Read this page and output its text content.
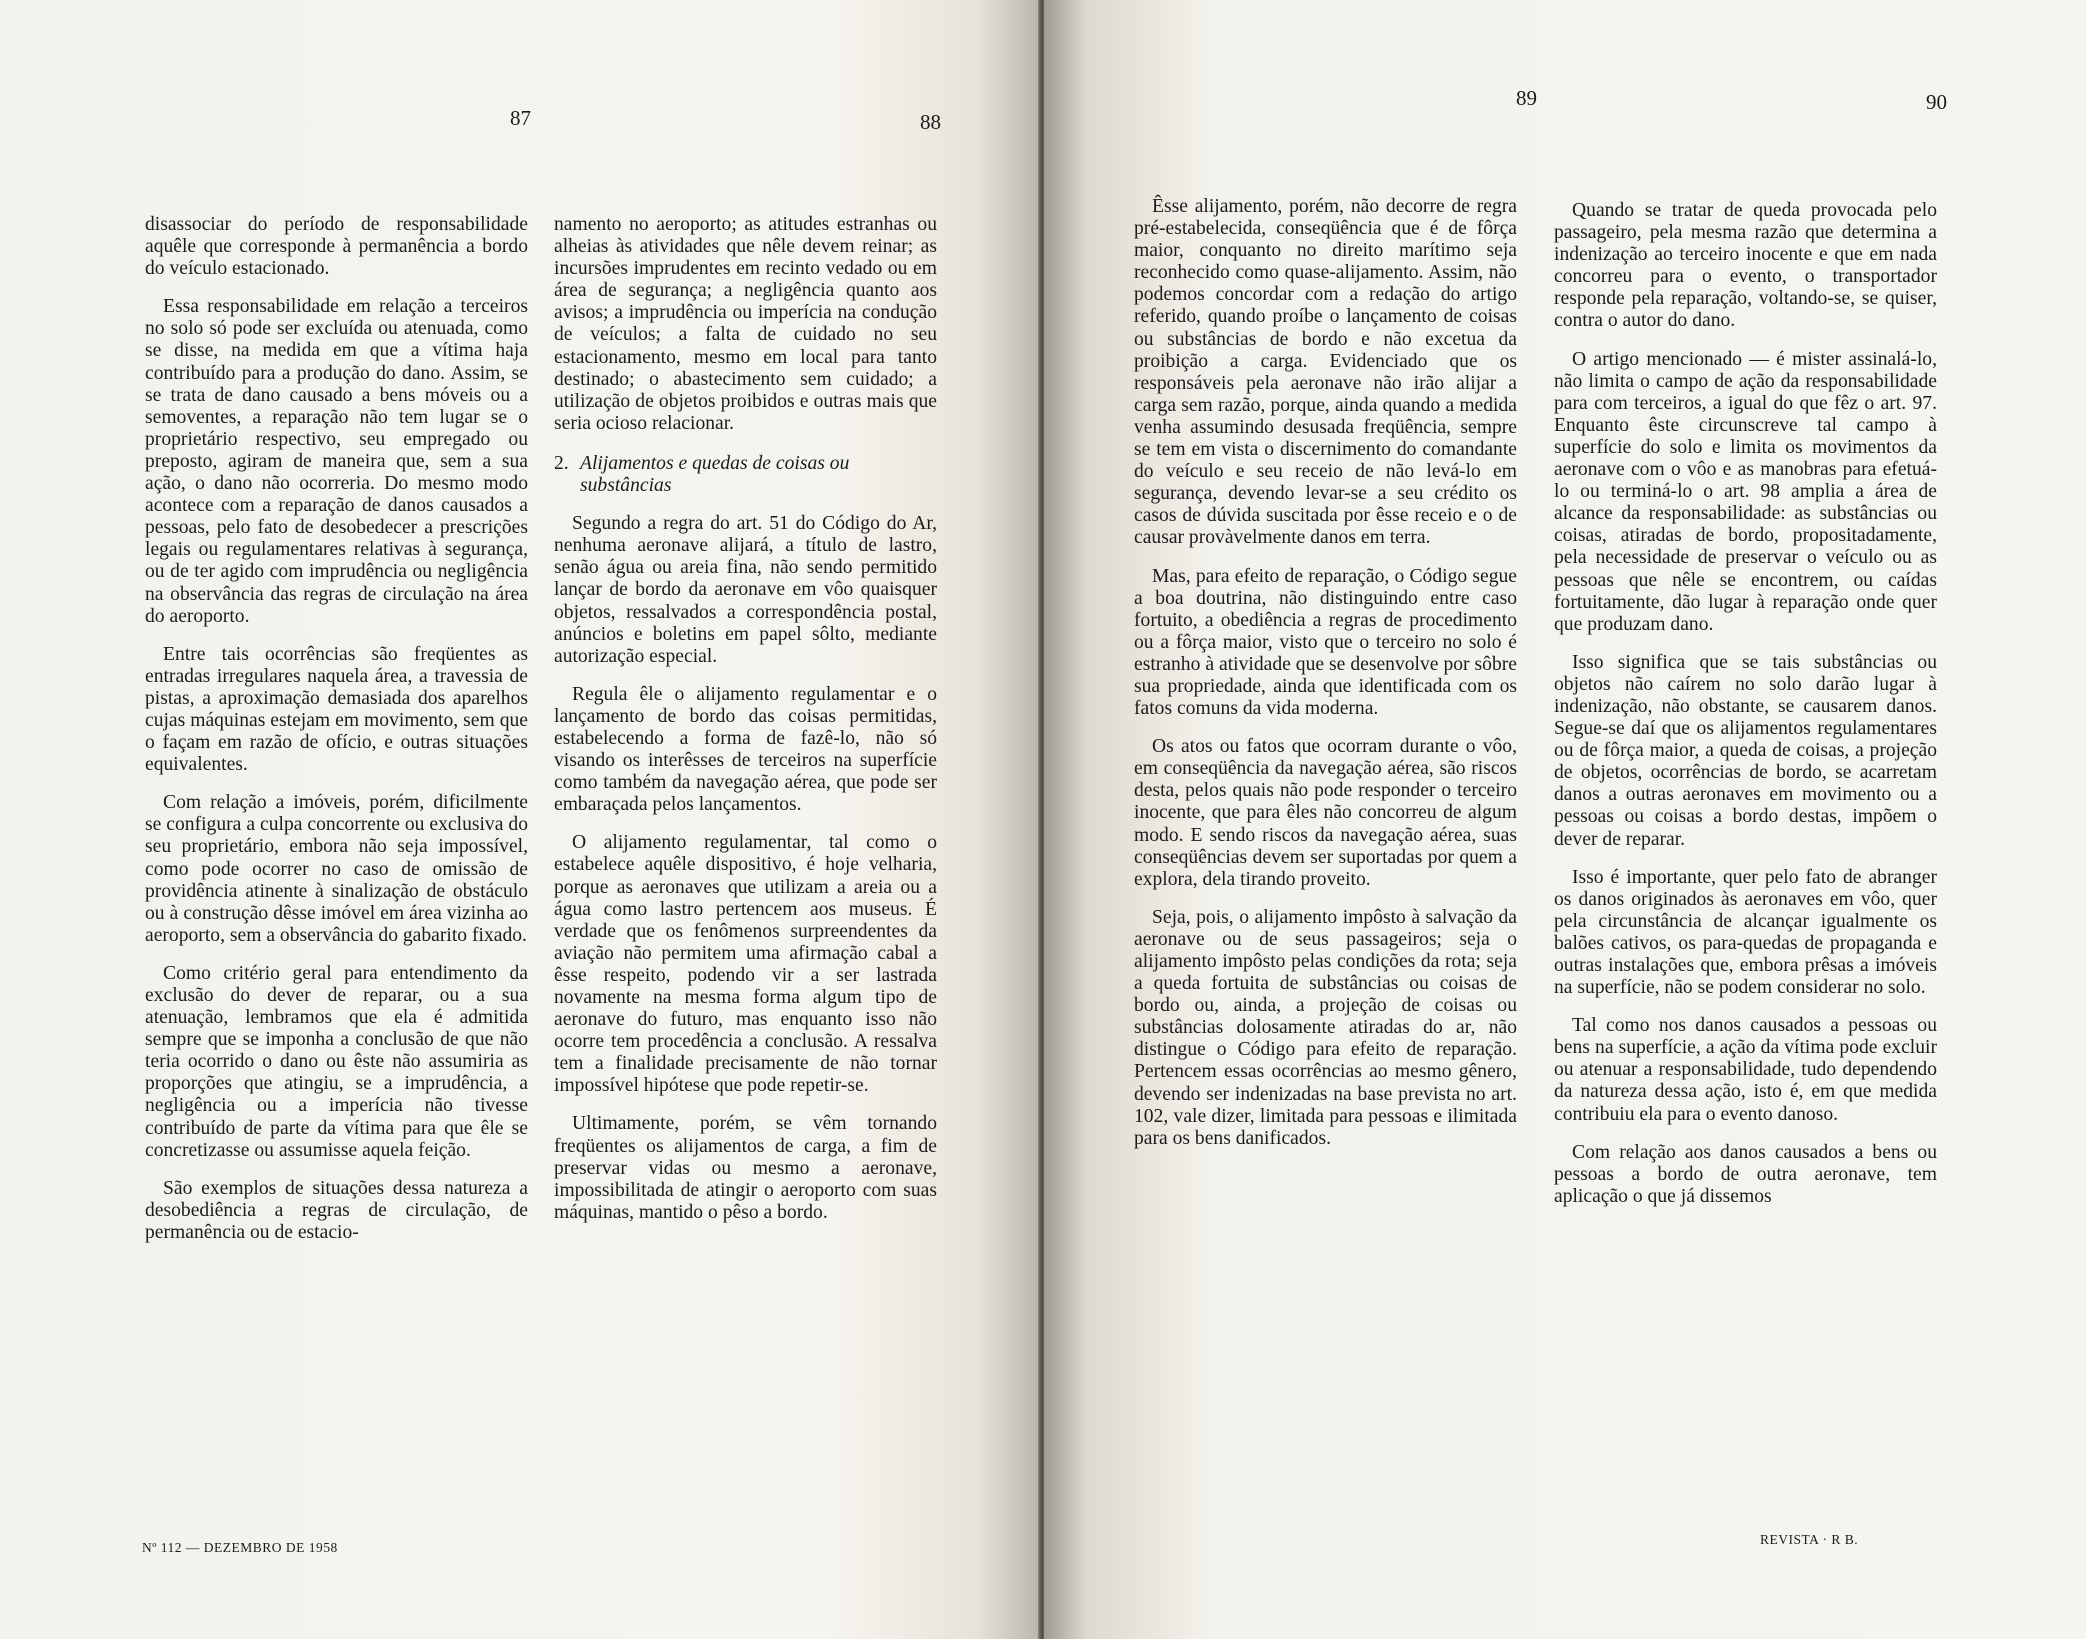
87	88

disassociar do período de responsabilidade aquêle que corresponde à permanência a bordo do veículo estacionado.

Essa responsabilidade em relação a terceiros no solo só pode ser excluída ou atenuada, como se disse, na medida em que a vítima haja contribuído para a produção do dano. Assim, se se trata de dano causado a bens móveis ou a semoventes, a reparação não tem lugar se o proprietário respectivo, seu empregado ou preposto, agiram de maneira que, sem a sua ação, o dano não ocorreria. Do mesmo modo acontece com a reparação de danos causados a pessoas, pelo fato de desobedecer a prescrições legais ou regulamentares relativas à segurança, ou de ter agido com imprudência ou negligência na observância das regras de circulação na área do aeroporto.

Entre tais ocorrências são freqüentes as entradas irregulares naquela área, a travessia de pistas, a aproximação demasiada dos aparelhos cujas máquinas estejam em movimento, sem que o façam em razão de ofício, e outras situações equivalentes.

Com relação a imóveis, porém, dificilmente se configura a culpa concorrente ou exclusiva do seu proprietário, embora não seja impossível, como pode ocorrer no caso de omissão de providência atinente à sinalização de obstáculo ou à construção dêsse imóvel em área vizinha ao aeroporto, sem a observância do gabarito fixado.

Como critério geral para entendimento da exclusão do dever de reparar, ou a sua atenuação, lembramos que ela é admitida sempre que se imponha a conclusão de que não teria ocorrido o dano ou êste não assumiria as proporções que atingiu, se a imprudência, a negligência ou a imperícia não tivesse contribuído de parte da vítima para que êle se concretizasse ou assumisse aquela feição.

São exemplos de situações dessa natureza a desobediência a regras de circulação, de permanência ou de estacio-

namento no aeroporto; as atitudes estranhas ou alheias às atividades que nêle devem reinar; as incursões imprudentes em recinto vedado ou em área de segurança; a negligência quanto aos avisos; a imprudência ou imperícia na condução de veículos; a falta de cuidado no seu estacionamento, mesmo em local para tanto destinado; o abastecimento sem cuidado; a utilização de objetos proibidos e outras mais que seria ocioso relacionar.

2. Alijamentos e quedas de coisas ou substâncias

Segundo a regra do art. 51 do Código do Ar, nenhuma aeronave alijará, a título de lastro, senão água ou areia fina, não sendo permitido lançar de bordo da aeronave em vôo quaisquer objetos, ressalvados a correspondência postal, anúncios e boletins em papel sôlto, mediante autorização especial.

Regula êle o alijamento regulamentar e o lançamento de bordo das coisas permitidas, estabelecendo a forma de fazê-lo, não só visando os interêsses de terceiros na superfície como também da navegação aérea, que pode ser embaraçada pelos lançamentos.

O alijamento regulamentar, tal como o estabelece aquêle dispositivo, é hoje velharia, porque as aeronaves que utilizam a areia ou a água como lastro pertencem aos museus. É verdade que os fenômenos surpreendentes da aviação não permitem uma afirmação cabal a êsse respeito, podendo vir a ser lastrada novamente na mesma forma algum tipo de aeronave do futuro, mas enquanto isso não ocorre tem procedência a conclusão. A ressalva tem a finalidade precisamente de não tornar impossível hipótese que pode repetir-se.

Ultimamente, porém, se vêm tornando freqüentes os alijamentos de carga, a fim de preservar vidas ou mesmo a aeronave, impossibilitada de atingir o aeroporto com suas máquinas, mantido o pêso a bordo.

Nº 112 — DEZEMBRO DE 1958
89	90

Êsse alijamento, porém, não decorre de regra pré-estabelecida, conseqüência que é de fôrça maior, conquanto no direito marítimo seja reconhecido como quase-alijamento. Assim, não podemos concordar com a redação do artigo referido, quando proíbe o lançamento de coisas ou substâncias de bordo e não excetua da proibição a carga. Evidenciado que os responsáveis pela aeronave não irão alijar a carga sem razão, porque, ainda quando a medida venha assumindo desusada freqüência, sempre se tem em vista o discernimento do comandante do veículo e seu receio de não levá-lo em segurança, devendo levar-se a seu crédito os casos de dúvida suscitada por êsse receio e o de causar provàvelmente danos em terra.

Mas, para efeito de reparação, o Código segue a boa doutrina, não distinguindo entre caso fortuito, a obediência a regras de procedimento ou a fôrça maior, visto que o terceiro no solo é estranho à atividade que se desenvolve por sôbre sua propriedade, ainda que identificada com os fatos comuns da vida moderna.

Os atos ou fatos que ocorram durante o vôo, em conseqüência da navegação aérea, são riscos desta, pelos quais não pode responder o terceiro inocente, que para êles não concorreu de algum modo. E sendo riscos da navegação aérea, suas conseqüências devem ser suportadas por quem a explora, dela tirando proveito.

Seja, pois, o alijamento impôsto à salvação da aeronave ou de seus passageiros; seja o alijamento impôsto pelas condições da rota; seja a queda fortuita de substâncias ou coisas de bordo ou, ainda, a projeção de coisas ou substâncias dolosamente atiradas do ar, não distingue o Código para efeito de reparação. Pertencem essas ocorrências ao mesmo gênero, devendo ser indenizadas na base prevista no art. 102, vale dizer, limitada para pessoas e ilimitada para os bens danificados.

Quando se tratar de queda provocada pelo passageiro, pela mesma razão que determina a indenização ao terceiro inocente e que em nada concorreu para o evento, o transportador responde pela reparação, voltando-se, se quiser, contra o autor do dano.

O artigo mencionado — é mister assinalá-lo, não limita o campo de ação da responsabilidade para com terceiros, a igual do que fêz o art. 97. Enquanto êste circunscreve tal campo à superfície do solo e limita os movimentos da aeronave com o vôo e as manobras para efetuá-lo ou terminá-lo o art. 98 amplia a área de alcance da responsabilidade: as substâncias ou coisas, atiradas de bordo, propositadamente, pela necessidade de preservar o veículo ou as pessoas que nêle se encontrem, ou caídas fortuitamente, dão lugar à reparação onde quer que produzam dano.

Isso significa que se tais substâncias ou objetos não caírem no solo darão lugar à indenização, não obstante, se causarem danos. Segue-se daí que os alijamentos regulamentares ou de fôrça maior, a queda de coisas, a projeção de objetos, ocorrências de bordo, se acarretam danos a outras aeronaves em movimento ou a pessoas ou coisas a bordo destas, impõem o dever de reparar.

Isso é importante, quer pelo fato de abranger os danos originados às aeronaves em vôo, quer pela circunstância de alcançar igualmente os balões cativos, os para-quedas de propaganda e outras instalações que, embora prêsas a imóveis na superfície, não se podem considerar no solo.

Tal como nos danos causados a pessoas ou bens na superfície, a ação da vítima pode excluir ou atenuar a responsabilidade, tudo dependendo da natureza dessa ação, isto é, em que medida contribuiu ela para o evento danoso.

Com relação aos danos causados a bens ou pessoas a bordo de outra aeronave, tem aplicação o que já dissemos

REVISTA · R B.
